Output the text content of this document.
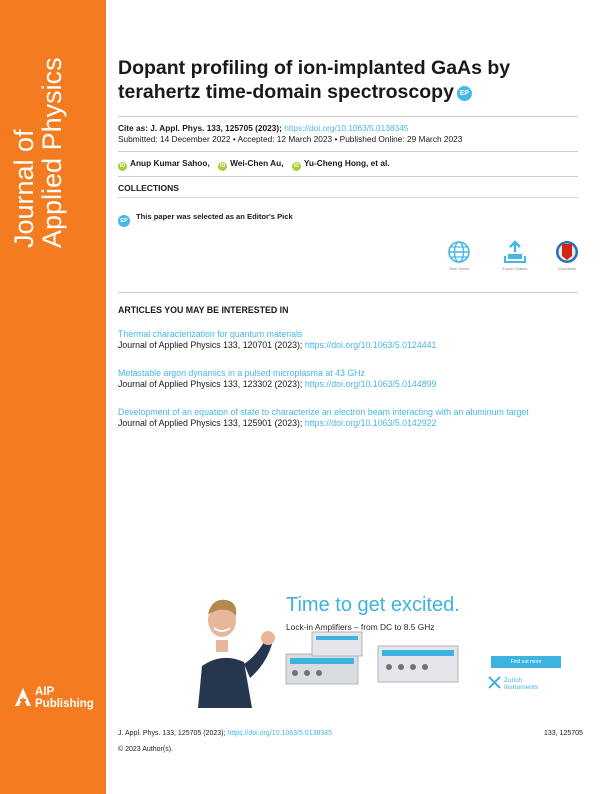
Journal of
Applied Physics
AIP
Publishing
Dopant profiling of ion-implanted GaAs by terahertz time-domain spectroscopy EP
Cite as: J. Appl. Phys. 133, 125705 (2023); https://doi.org/10.1063/5.0138345
Submitted: 14 December 2022 • Accepted: 12 March 2023 • Published Online: 29 March 2023
iD Anup Kumar Sahoo, iD Wei-Chen Au, iD Yu-Cheng Hong, et al.
COLLECTIONS
EP This paper was selected as an Editor's Pick
View Online	Export Citation	CrossMark
ARTICLES YOU MAY BE INTERESTED IN
Thermal characterization for quantum materials
Journal of Applied Physics 133, 120701 (2023); https://doi.org/10.1063/5.0124441
Metastable argon dynamics in a pulsed microplasma at 43 GHz
Journal of Applied Physics 133, 123302 (2023); https://doi.org/10.1063/5.0144899
Development of an equation of state to characterize an electron beam interacting with an aluminum target
Journal of Applied Physics 133, 125901 (2023); https://doi.org/10.1063/5.0142922
Time to get excited.
Lock-in Amplifiers – from DC to 8.5 GHz
Find out more
Zurich
Instruments
J. Appl. Phys. 133, 125705 (2023); https://doi.org/10.1063/5.0138345	133, 125705
© 2023 Author(s).
